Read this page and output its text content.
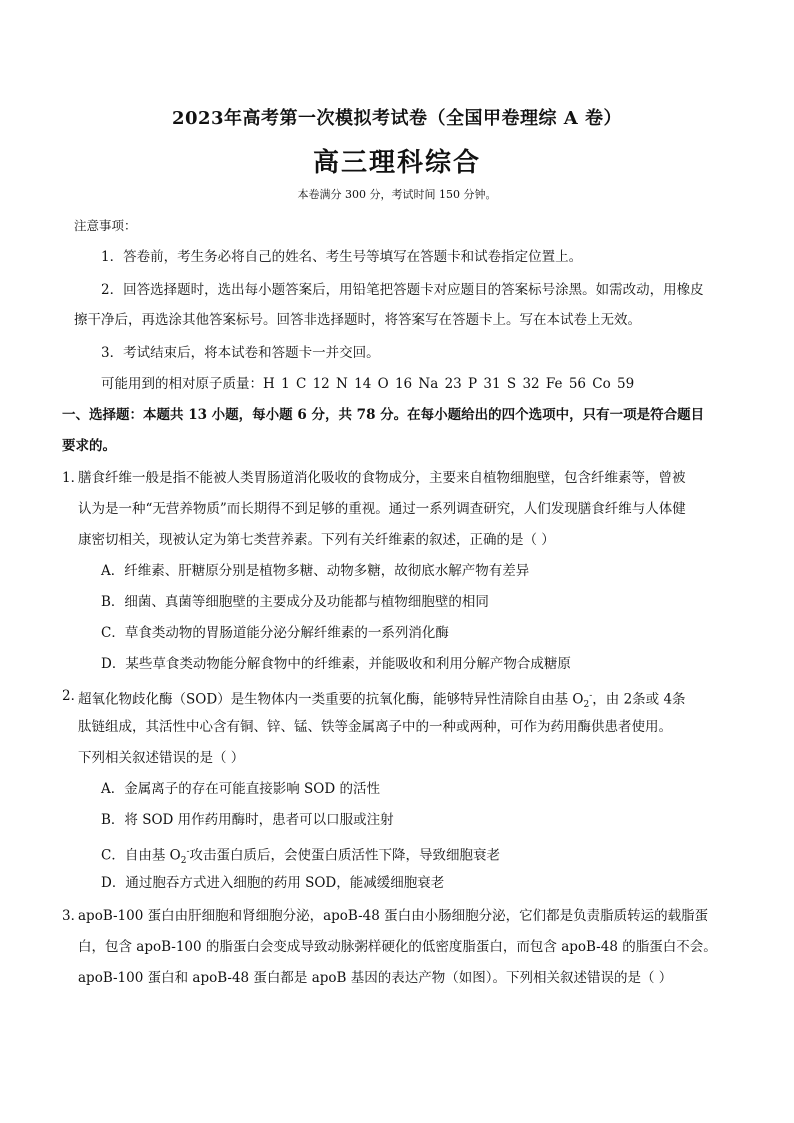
2023年高考第一次模拟考试卷（全国甲卷理综 A 卷）
高三理科综合
本卷满分 300 分，考试时间 150 分钟。
注意事项：
1．答卷前，考生务必将自己的姓名、考生号等填写在答题卡和试卷指定位置上。
2．回答选择题时，选出每小题答案后，用铅笔把答题卡对应题目的答案标号涂黑。如需改动，用橡皮
擦干净后，再选涂其他答案标号。回答非选择题时，将答案写在答题卡上。写在本试卷上无效。
3．考试结束后，将本试卷和答题卡一并交回。
可能用到的相对原子质量：H 1 C 12 N 14 O 16 Na 23 P 31 S 32 Fe 56 Co 59
一、选择题：本题共 13 小题，每小题 6 分，共 78 分。在每小题给出的四个选项中，只有一项是符合题目
要求的。
1．
膳食纤维一般是指不能被人类胃肠道消化吸收的食物成分，主要来自植物细胞壁，包含纤维素等，曾被
认为是一种“无营养物质”而长期得不到足够的重视。通过一系列调查研究，人们发现膳食纤维与人体健
康密切相关，现被认定为第七类营养素。下列有关纤维素的叙述，正确的是（ ）
A．纤维素、肝糖原分别是植物多糖、动物多糖，故彻底水解产物有差异
B．细菌、真菌等细胞壁的主要成分及功能都与植物细胞壁的相同
C．草食类动物的胃肠道能分泌分解纤维素的一系列消化酶
D．某些草食类动物能分解食物中的纤维素，并能吸收和利用分解产物合成糖原
2．
超氧化物歧化酶（SOD）是生物体内一类重要的抗氧化酶，能够特异性清除自由基 $O_2^-$，由 2条或 4条
肽链组成，其活性中心含有铜、锌、锰、铁等金属离子中的一种或两种，可作为药用酶供患者使用。
下列相关叙述错误的是（ ）
A．金属离子的存在可能直接影响 SOD 的活性
B．将 SOD 用作药用酶时，患者可以口服或注射
C．自由基 $O_2^-$攻击蛋白质后，会使蛋白质活性下降，导致细胞衰老
D．通过胞吞方式进入细胞的药用 SOD，能减缓细胞衰老
3．
apoB-100 蛋白由肝细胞和肾细胞分泌，apoB-48 蛋白由小肠细胞分泌，它们都是负责脂质转运的载脂蛋
白，包含 apoB-100 的脂蛋白会变成导致动脉粥样硬化的低密度脂蛋白，而包含 apoB-48 的脂蛋白不会。
apoB-100 蛋白和 apoB-48 蛋白都是 apoB 基因的表达产物（如图）。下列相关叙述错误的是（ ）
